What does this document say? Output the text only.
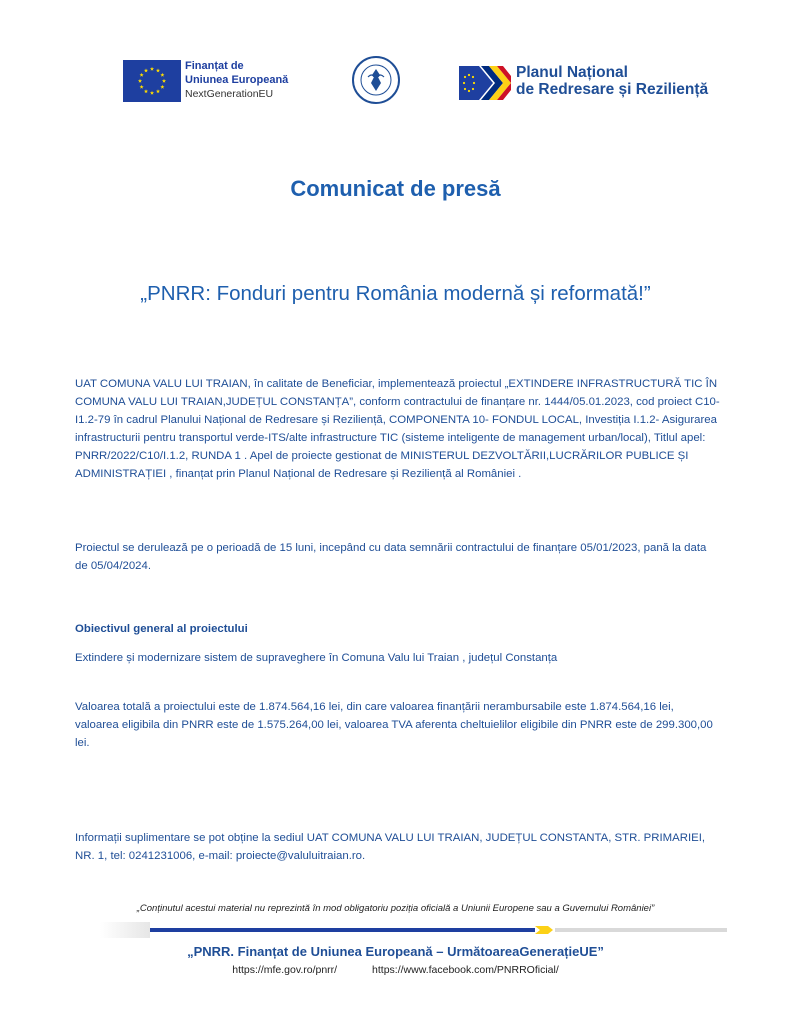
Finanțat de
Uniunea Europeană
NextGenerationEU
Planul Național
de Redresare și Reziliență
Comunicat de presă
„PNRR: Fonduri pentru România modernă și reformată!”

UAT COMUNA VALU LUI TRAIAN, în calitate de Beneficiar, implementează proiectul „EXTINDERE INFRASTRUCTURĂ TIC ÎN COMUNA VALU LUI TRAIAN,JUDEȚUL CONSTANȚA”, conform contractului de finanțare nr. 1444/05.01.2023, cod proiect C10-I1.2-79 în cadrul Planului Național de Redresare și Reziliență, COMPONENTA 10- FONDUL LOCAL, Investiția I.1.2- Asigurarea infrastructurii pentru transportul verde-ITS/alte infrastructure TIC (sisteme inteligente de management urban/local), Titlul apel: PNRR/2022/C10/I.1.2, RUNDA 1 . Apel de proiecte gestionat de MINISTERUL DEZVOLTĂRII,LUCRĂRILOR PUBLICE ȘI ADMINISTRAȚIEI , finanțat prin Planul Național de Redresare și Reziliență al României .

Proiectul se derulează pe o perioadă de 15 luni, incepând cu data semnării contractului de finanțare 05/01/2023, pană la data de 05/04/2024.

Obiectivul general al proiectului

Extindere și modernizare sistem de supraveghere în Comuna Valu lui Traian , județul Constanța

Valoarea totală a proiectului este de 1.874.564,16 lei, din care valoarea finanțării nerambursabile este 1.874.564,16 lei, valoarea eligibila din PNRR este de 1.575.264,00 lei, valoarea TVA aferenta cheltuielilor eligibile din PNRR este de 299.300,00 lei.

Informații suplimentare se pot obține la sediul UAT COMUNA VALU LUI TRAIAN, JUDEȚUL CONSTANTA, STR. PRIMARIEI, NR. 1, tel: 0241231006, e-mail: proiecte@valuluitraian.ro.

„Conținutul acestui material nu reprezintă în mod obligatoriu poziția oficială a Uniunii Europene sau a Guvernului României”
„PNRR. Finanțat de Uniunea Europeană – UrmătoareaGenerațieUE”
https://mfe.gov.ro/pnrr/	https://www.facebook.com/PNRROficial/
